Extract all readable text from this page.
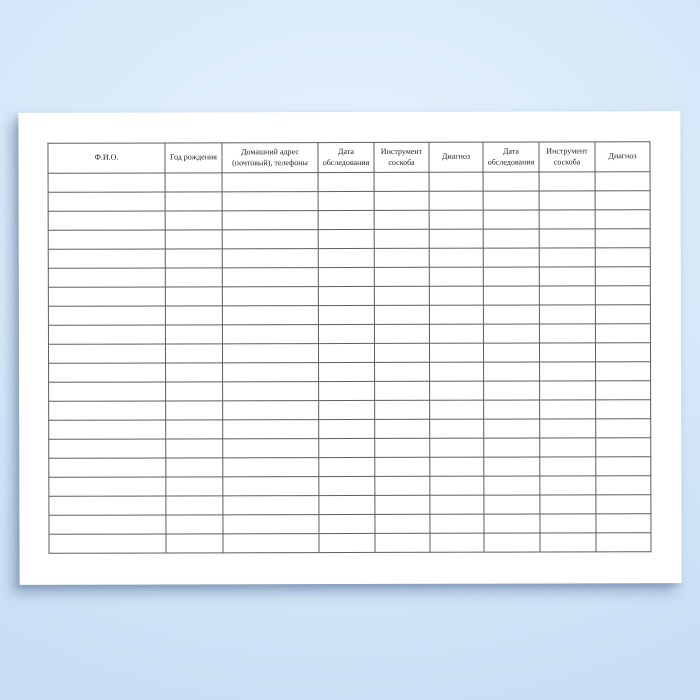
Ф.И.О.	Год рождения	Домашний адрес (почтовый), телефоны	Дата обследования	Инструмент соскоба	Диагноз	Дата обследования	Инструмент соскоба	Диагноз
